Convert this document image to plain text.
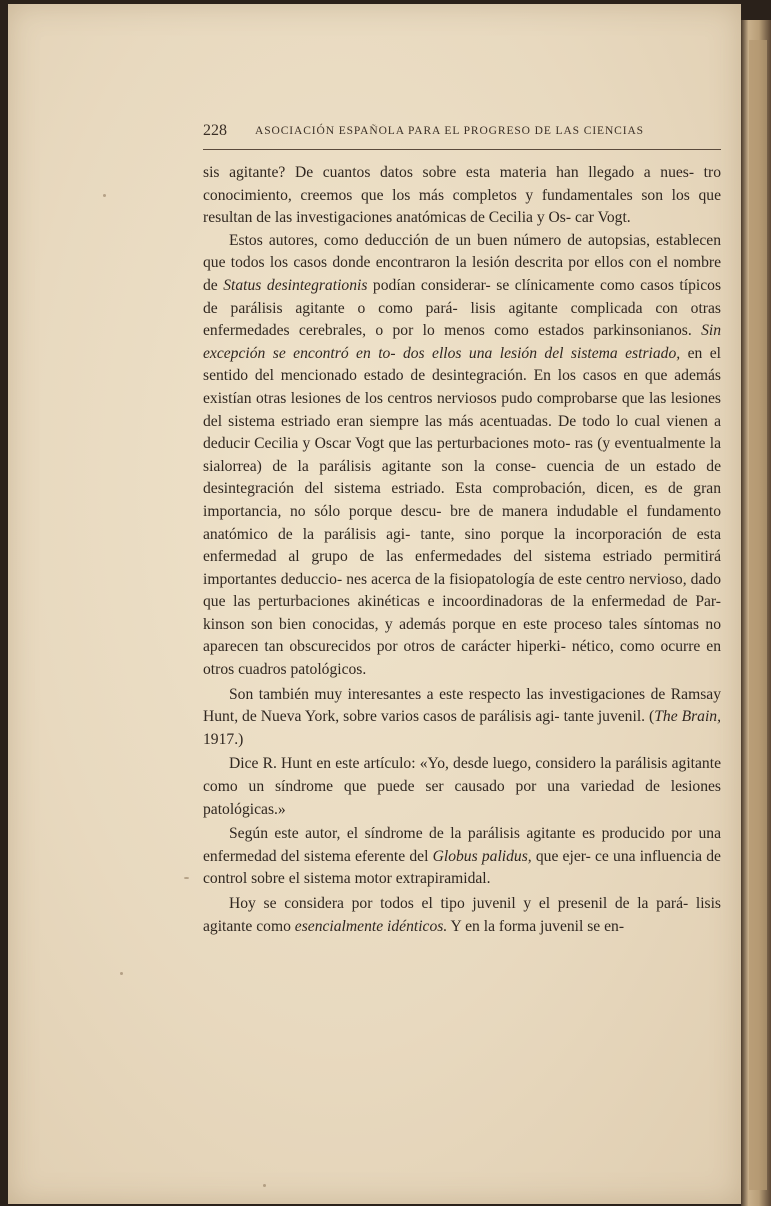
228 ASOCIACIÓN ESPAÑOLA PARA EL PROGRESO DE LAS CIENCIAS

sis agitante? De cuantos datos sobre esta materia han llegado a nues- tro conocimiento, creemos que los más completos y fundamentales son los que resultan de las investigaciones anatómicas de Cecilia y Os- car Vogt.

Estos autores, como deducción de un buen número de autopsias, establecen que todos los casos donde encontraron la lesión descrita por ellos con el nombre de Status desintegrationis podían considerar- se clínicamente como casos típicos de parálisis agitante o como pará- lisis agitante complicada con otras enfermedades cerebrales, o por lo menos como estados parkinsonianos. Sin excepción se encontró en to- dos ellos una lesión del sistema estriado, en el sentido del mencionado estado de desintegración. En los casos en que además existían otras lesiones de los centros nerviosos pudo comprobarse que las lesiones del sistema estriado eran siempre las más acentuadas. De todo lo cual vienen a deducir Cecilia y Oscar Vogt que las perturbaciones moto- ras (y eventualmente la sialorrea) de la parálisis agitante son la conse- cuencia de un estado de desintegración del sistema estriado. Esta comprobación, dicen, es de gran importancia, no sólo porque descu- bre de manera indudable el fundamento anatómico de la parálisis agi- tante, sino porque la incorporación de esta enfermedad al grupo de las enfermedades del sistema estriado permitirá importantes deduccio- nes acerca de la fisiopatología de este centro nervioso, dado que las perturbaciones akinéticas e incoordinadoras de la enfermedad de Par- kinson son bien conocidas, y además porque en este proceso tales síntomas no aparecen tan obscurecidos por otros de carácter hiperki- nético, como ocurre en otros cuadros patológicos.

Son también muy interesantes a este respecto las investigaciones de Ramsay Hunt, de Nueva York, sobre varios casos de parálisis agi- tante juvenil. (The Brain, 1917.)

Dice R. Hunt en este artículo: «Yo, desde luego, considero la parálisis agitante como un síndrome que puede ser causado por una variedad de lesiones patológicas.»

Según este autor, el síndrome de la parálisis agitante es producido por una enfermedad del sistema eferente del Globus palidus, que ejer- ce una influencia de control sobre el sistema motor extrapiramidal.

Hoy se considera por todos el tipo juvenil y el presenil de la pará- lisis agitante como esencialmente idénticos. Y en la forma juvenil se en-
